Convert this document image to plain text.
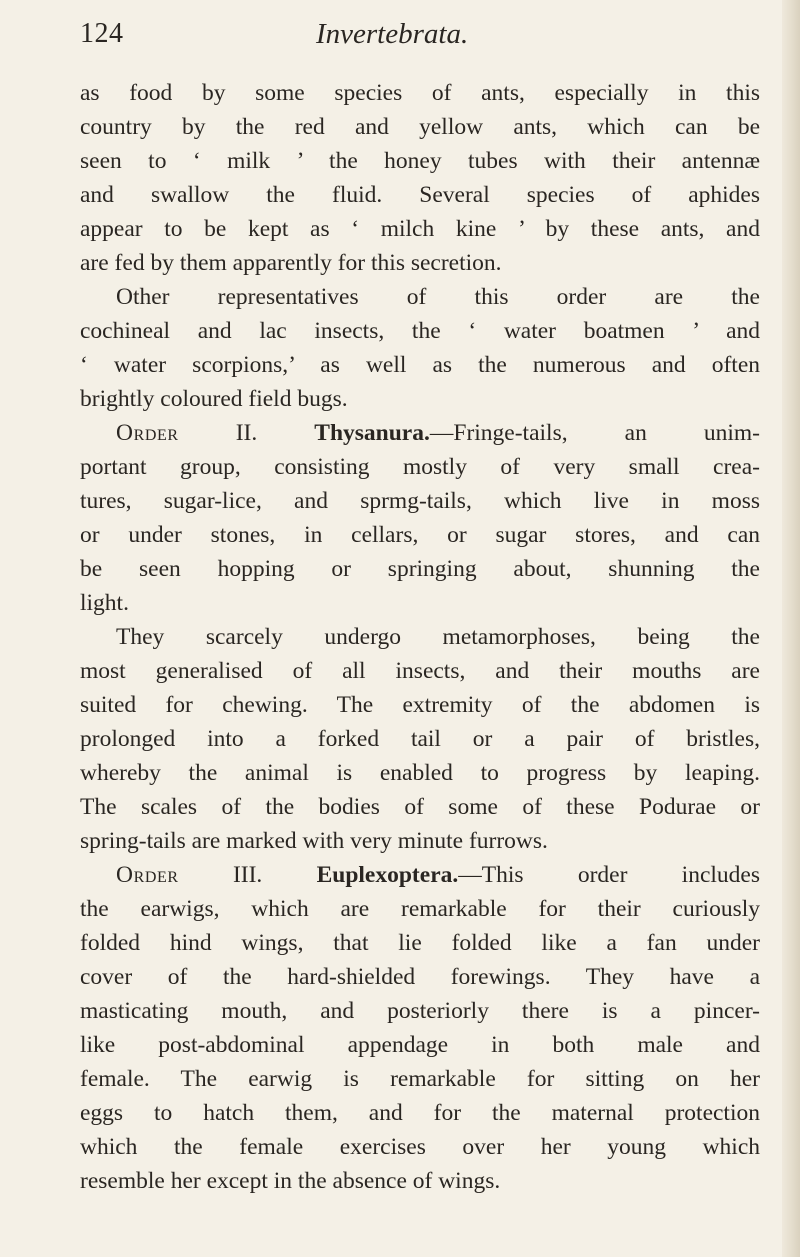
124	Invertebrata.
as food by some species of ants, especially in this
country by the red and yellow ants, which can be
seen to ‘ milk ’ the honey tubes with their antennæ
and swallow the fluid. Several species of aphides
appear to be kept as ‘ milch kine ’ by these ants, and
are fed by them apparently for this secretion.
Other representatives of this order are the
cochineal and lac insects, the ‘ water boatmen ’ and
‘ water scorpions,’ as well as the numerous and often
brightly coloured field bugs.
Order II. Thysanura.—Fringe-tails, an unim-
portant group, consisting mostly of very small crea-
tures, sugar-lice, and sprmg-tails, which live in moss
or under stones, in cellars, or sugar stores, and can
be seen hopping or springing about, shunning the
light.
They scarcely undergo metamorphoses, being the
most generalised of all insects, and their mouths are
suited for chewing. The extremity of the abdomen is
prolonged into a forked tail or a pair of bristles,
whereby the animal is enabled to progress by leaping.
The scales of the bodies of some of these Podurae or
spring-tails are marked with very minute furrows.
Order III. Euplexoptera.—This order includes
the earwigs, which are remarkable for their curiously
folded hind wings, that lie folded like a fan under
cover of the hard-shielded forewings. They have a
masticating mouth, and posteriorly there is a pincer-
like post-abdominal appendage in both male and
female. The earwig is remarkable for sitting on her
eggs to hatch them, and for the maternal protection
which the female exercises over her young which
resemble her except in the absence of wings.
